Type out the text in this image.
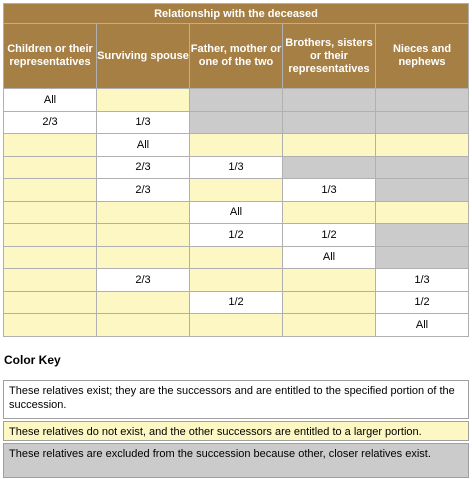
Relationship with the deceased				
Children or their representatives	Surviving spouse	Father, mother or one of the two	Brothers, sisters or their representatives	Nieces and nephews
All				
2/3	1/3			
	All			
	2/3	1/3		
	2/3		1/3	
		All		
		1/2	1/2	
			All	
	2/3			1/3
		1/2		1/2
				All
Color Key
These relatives exist; they are the successors and are entitled to the specified portion of the succession.
These relatives do not exist, and the other successors are entitled to a larger portion.
These relatives are excluded from the succession because other, closer relatives exist.
